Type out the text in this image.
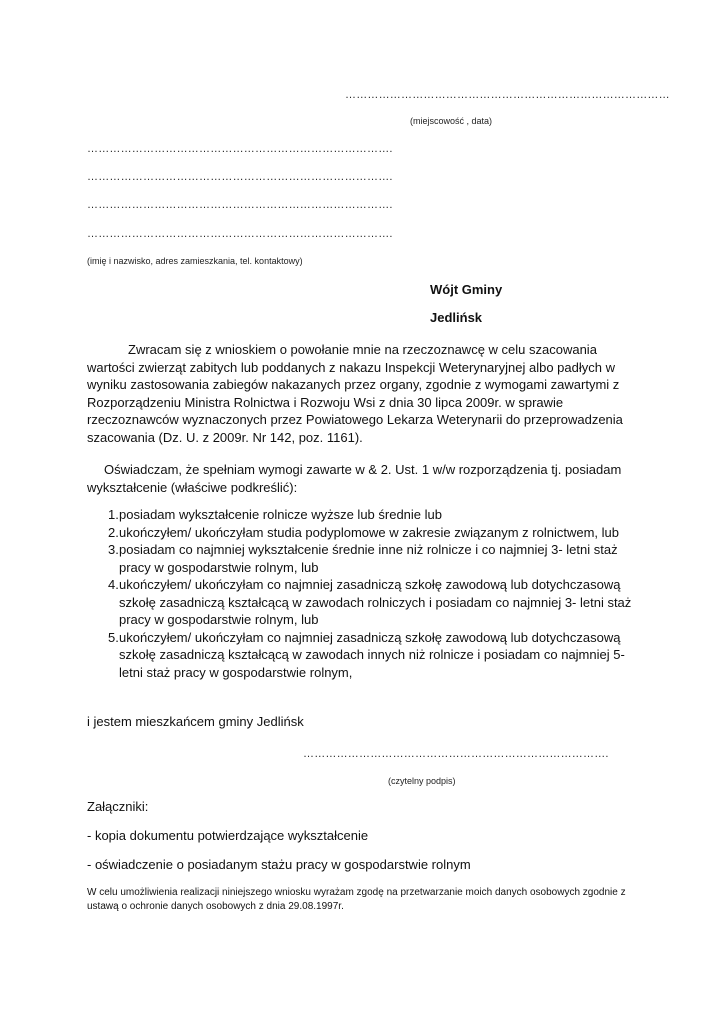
……………………………………………………………………………
(miejscowość , data)
……………………………………………………………………….
……………………………………………………………………….
……………………………………………………………………….
……………………………………………………………………….
(imię i nazwisko, adres zamieszkania, tel. kontaktowy)
Wójt Gminy
Jedlińsk
Zwracam się z wnioskiem o powołanie mnie na rzeczoznawcę w celu szacowania wartości zwierząt zabitych lub poddanych z nakazu Inspekcji Weterynaryjnej albo padłych w wyniku zastosowania zabiegów nakazanych przez organy, zgodnie z wymogami zawartymi z Rozporządzeniu Ministra Rolnictwa i Rozwoju Wsi z dnia 30 lipca 2009r. w sprawie rzeczoznawców wyznaczonych przez Powiatowego Lekarza Weterynarii do przeprowadzenia szacowania (Dz. U. z 2009r. Nr 142, poz. 1161).
Oświadczam, że spełniam wymogi zawarte w & 2. Ust. 1 w/w rozporządzenia tj. posiadam wykształcenie (właściwe podkreślić):
1. posiadam wykształcenie rolnicze wyższe lub średnie lub
2. ukończyłem/ ukończyłam studia podyplomowe w zakresie związanym z rolnictwem, lub
3. posiadam co najmniej wykształcenie średnie inne niż rolnicze i co najmniej 3- letni staż pracy w gospodarstwie rolnym, lub
4. ukończyłem/ ukończyłam co najmniej zasadniczą szkołę zawodową lub dotychczasową szkołę zasadniczą kształcącą w zawodach rolniczych i posiadam co najmniej 3- letni staż pracy w gospodarstwie rolnym, lub
5. ukończyłem/ ukończyłam co najmniej zasadniczą szkołę zawodową lub dotychczasową szkołę zasadniczą kształcącą w zawodach innych niż rolnicze i posiadam co najmniej 5- letni staż pracy w gospodarstwie rolnym,
i jestem mieszkańcem gminy Jedlińsk
……………………………………………………………………….
(czytelny podpis)
Załączniki:
- kopia dokumentu potwierdzające wykształcenie
- oświadczenie o posiadanym stażu pracy w gospodarstwie rolnym
W celu umożliwienia realizacji niniejszego wniosku wyrażam zgodę na przetwarzanie moich danych osobowych zgodnie z ustawą o ochronie danych osobowych z dnia 29.08.1997r.
